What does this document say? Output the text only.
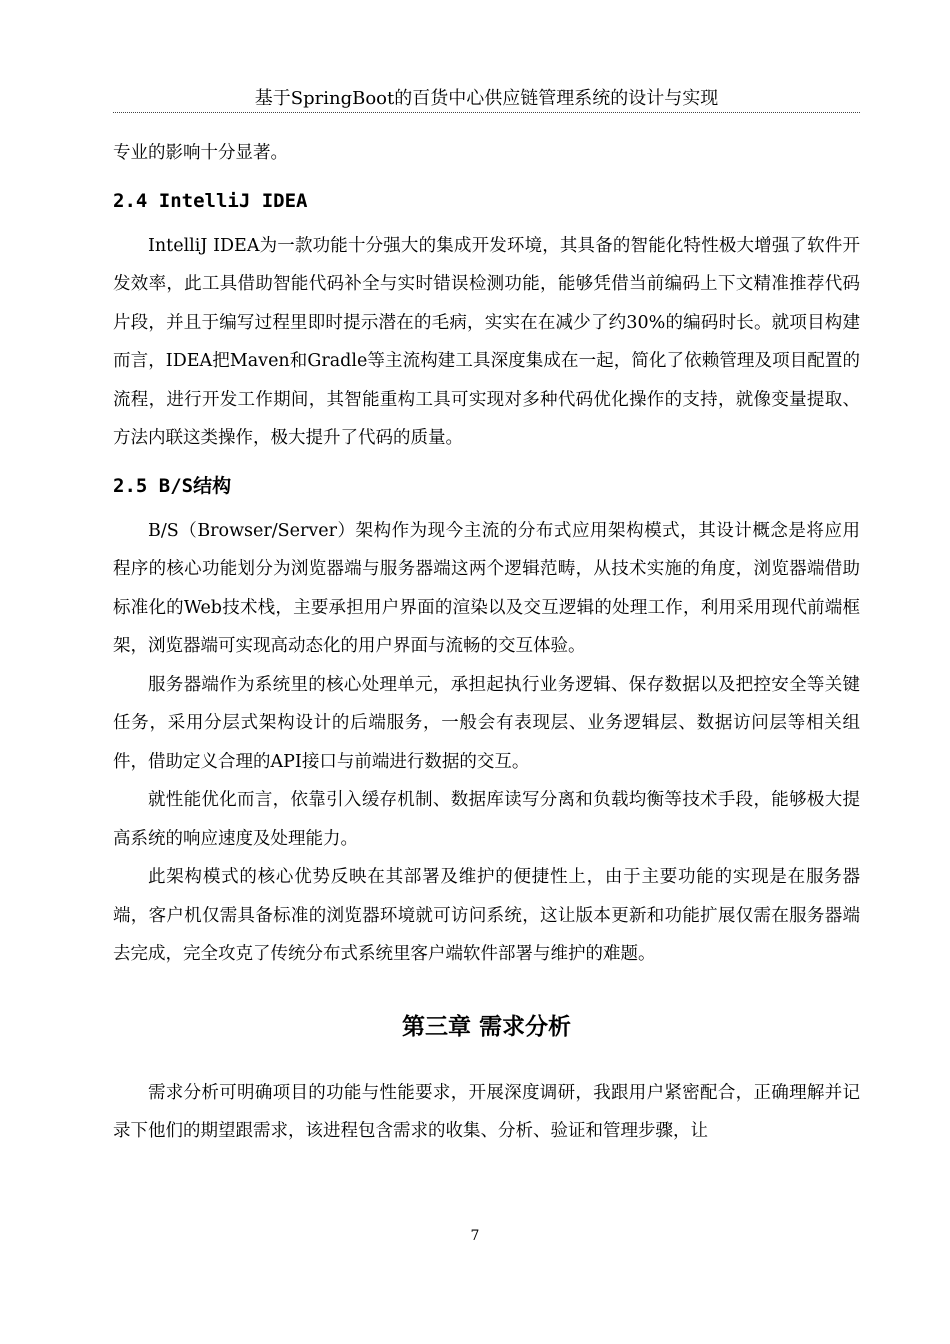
基于SpringBoot的百货中心供应链管理系统的设计与实现

专业的影响十分显著。

2.4 IntelliJ IDEA

IntelliJ IDEA为一款功能十分强大的集成开发环境，其具备的智能化特性极大增强了软件开发效率，此工具借助智能代码补全与实时错误检测功能，能够凭借当前编码上下文精准推荐代码片段，并且于编写过程里即时提示潜在的毛病，实实在在减少了约30%的编码时长。就项目构建而言，IDEA把Maven和Gradle等主流构建工具深度集成在一起，简化了依赖管理及项目配置的流程，进行开发工作期间，其智能重构工具可实现对多种代码优化操作的支持，就像变量提取、方法内联这类操作，极大提升了代码的质量。

2.5 B/S结构

B/S（Browser/Server）架构作为现今主流的分布式应用架构模式，其设计概念是将应用程序的核心功能划分为浏览器端与服务器端这两个逻辑范畴，从技术实施的角度，浏览器端借助标准化的Web技术栈，主要承担用户界面的渲染以及交互逻辑的处理工作，利用采用现代前端框架，浏览器端可实现高动态化的用户界面与流畅的交互体验。

服务器端作为系统里的核心处理单元，承担起执行业务逻辑、保存数据以及把控安全等关键任务，采用分层式架构设计的后端服务，一般会有表现层、业务逻辑层、数据访问层等相关组件，借助定义合理的API接口与前端进行数据的交互。

就性能优化而言，依靠引入缓存机制、数据库读写分离和负载均衡等技术手段，能够极大提高系统的响应速度及处理能力。

此架构模式的核心优势反映在其部署及维护的便捷性上，由于主要功能的实现是在服务器端，客户机仅需具备标准的浏览器环境就可访问系统，这让版本更新和功能扩展仅需在服务器端去完成，完全攻克了传统分布式系统里客户端软件部署与维护的难题。

第三章 需求分析

需求分析可明确项目的功能与性能要求，开展深度调研，我跟用户紧密配合，正确理解并记录下他们的期望跟需求，该进程包含需求的收集、分析、验证和管理步骤，让

7
